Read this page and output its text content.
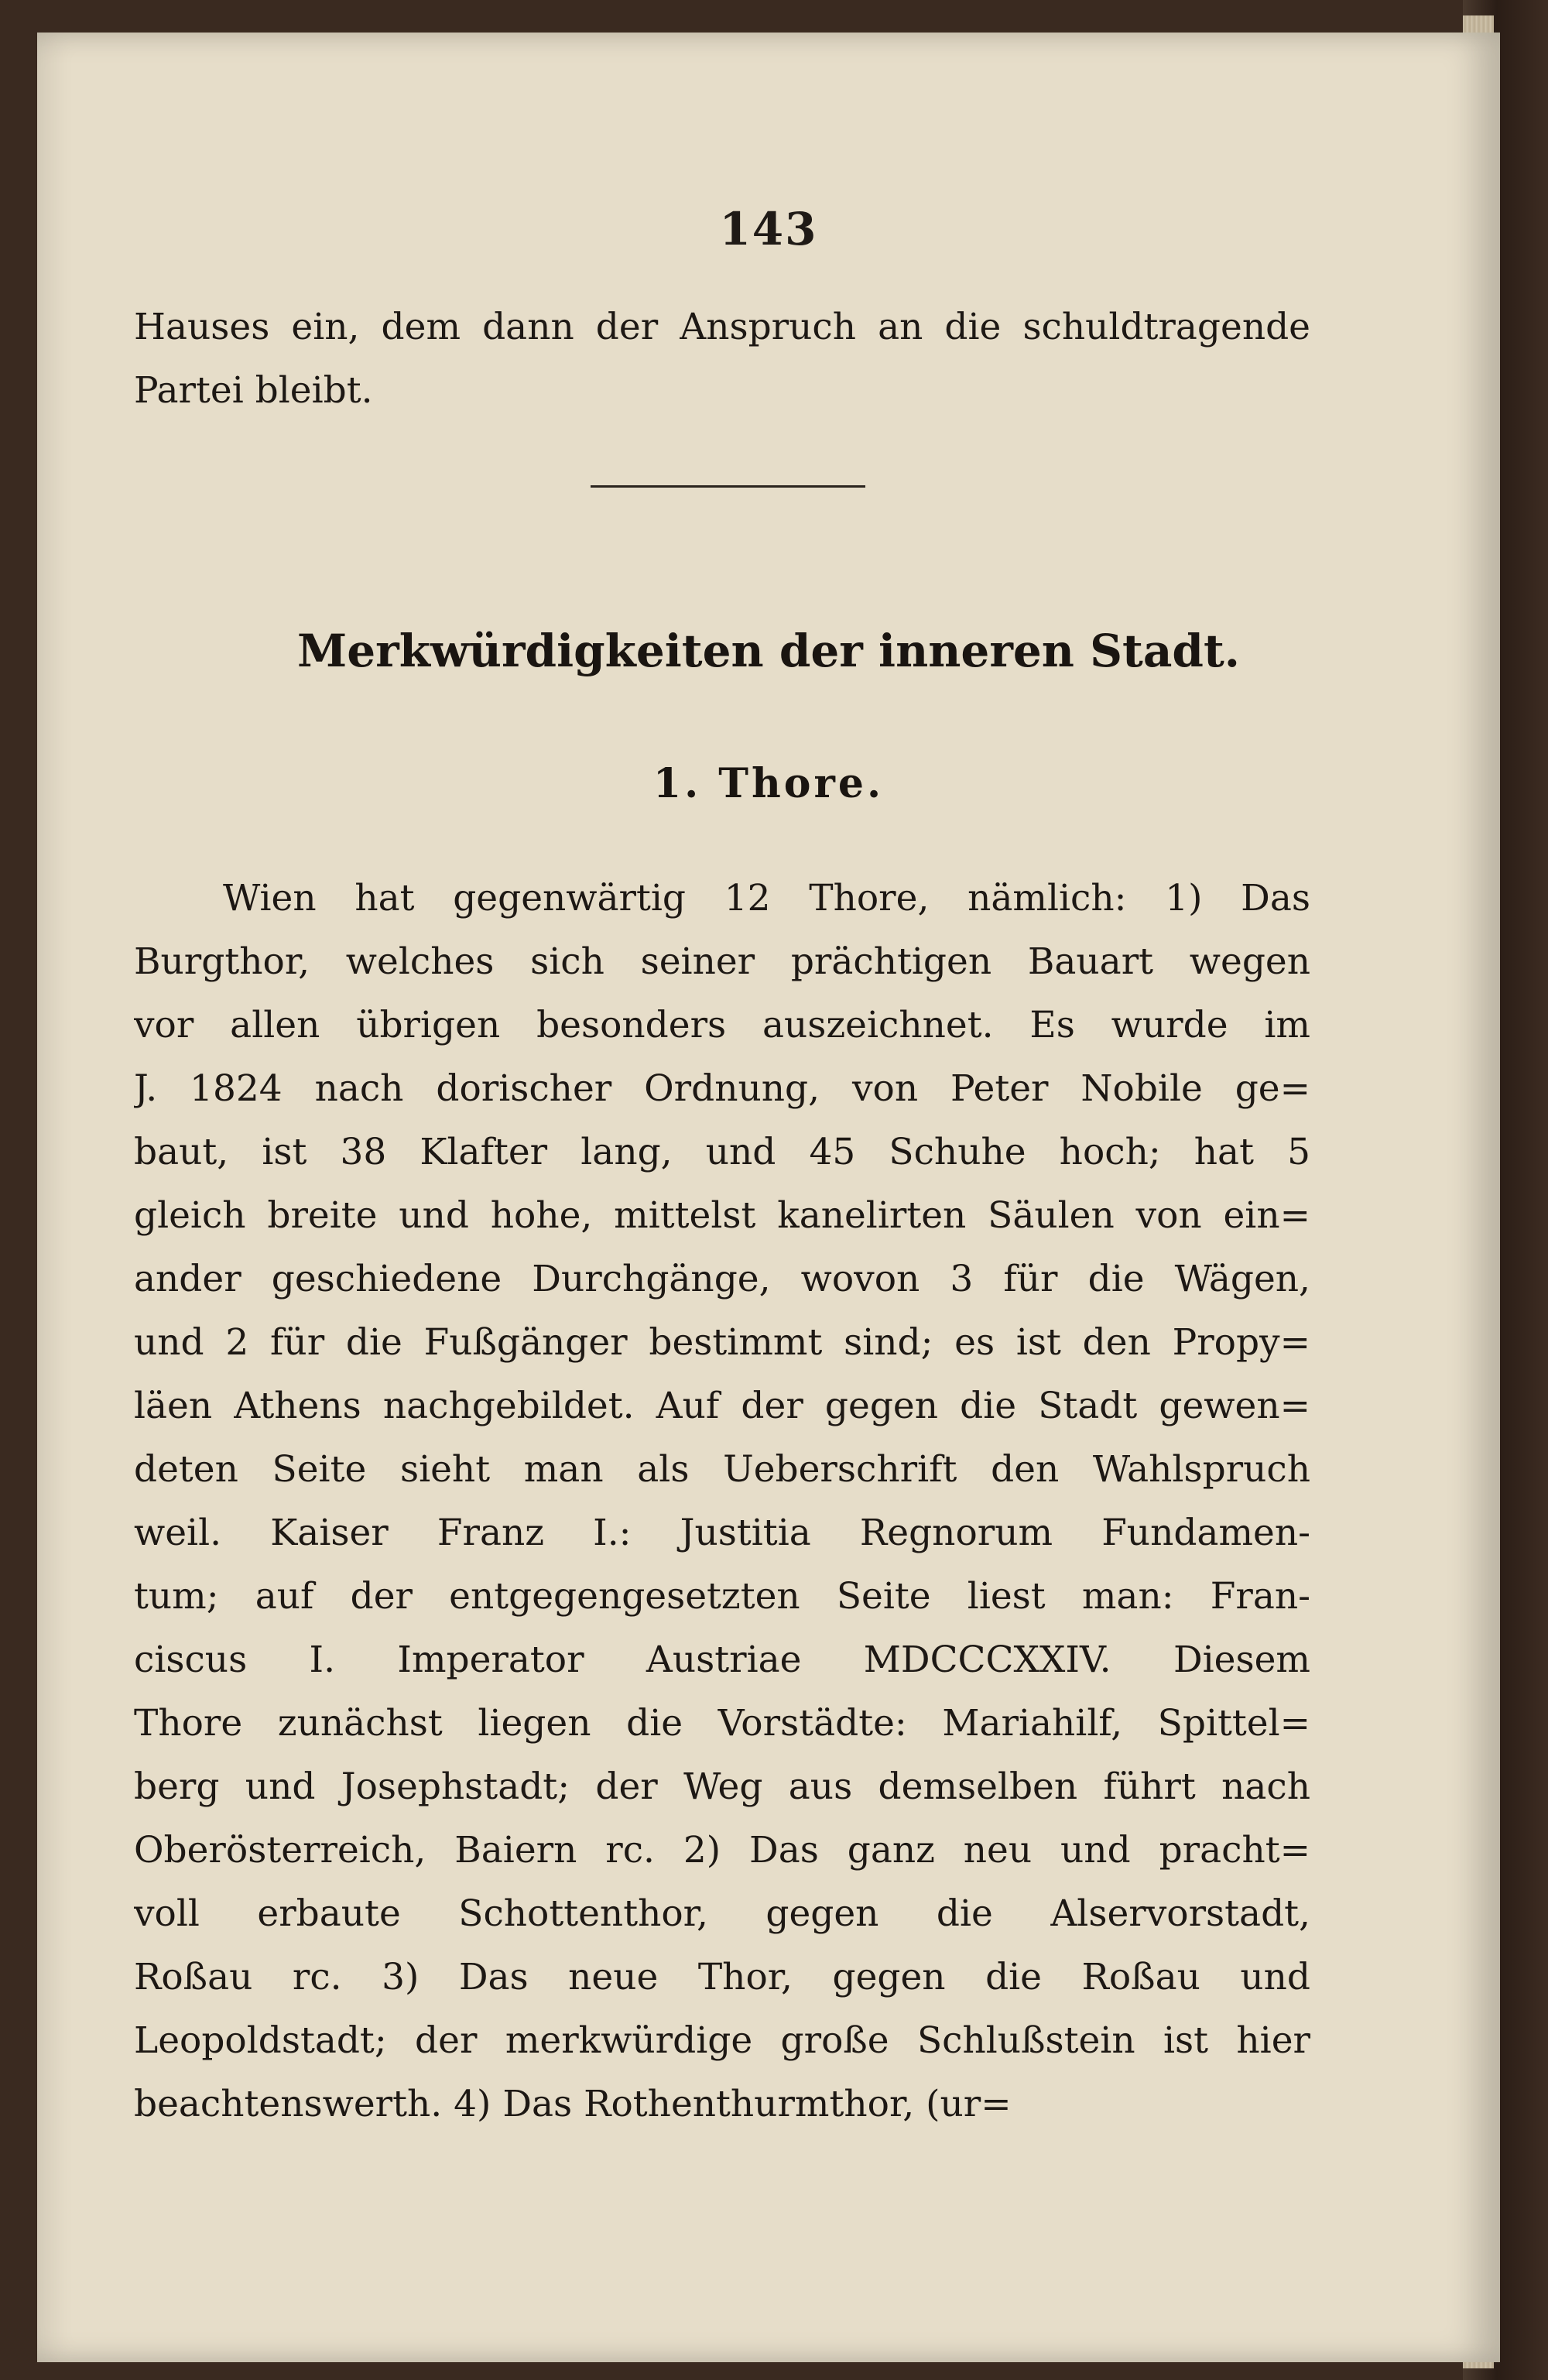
143
Hauses ein, dem dann der Anspruch an die schuldtragende
Partei bleibt.
Merkwürdigkeiten der inneren Stadt.
1. Thore.
Wien hat gegenwärtig 12 Thore, nämlich: 1) Das
Burgthor, welches sich seiner prächtigen Bauart wegen
vor allen übrigen besonders auszeichnet. Es wurde im
J. 1824 nach dorischer Ordnung, von Peter Nobile ge=
baut, ist 38 Klafter lang, und 45 Schuhe hoch; hat 5
gleich breite und hohe, mittelst kanelirten Säulen von ein=
ander geschiedene Durchgänge, wovon 3 für die Wägen,
und 2 für die Fußgänger bestimmt sind; es ist den Propy=
läen Athens nachgebildet. Auf der gegen die Stadt gewen=
deten Seite sieht man als Ueberschrift den Wahlspruch
weil. Kaiser Franz I.: Justitia Regnorum Fundamen-
tum; auf der entgegengesetzten Seite liest man: Fran-
ciscus I. Imperator Austriae MDCCCXXIV. Diesem
Thore zunächst liegen die Vorstädte: Mariahilf, Spittel=
berg und Josephstadt; der Weg aus demselben führt nach
Oberösterreich, Baiern rc. 2) Das ganz neu und pracht=
voll erbaute Schottenthor, gegen die Alservorstadt,
Roßau rc. 3) Das neue Thor, gegen die Roßau und
Leopoldstadt; der merkwürdige große Schlußstein ist hier
beachtenswerth. 4) Das Rothenthurmthor, (ur=
